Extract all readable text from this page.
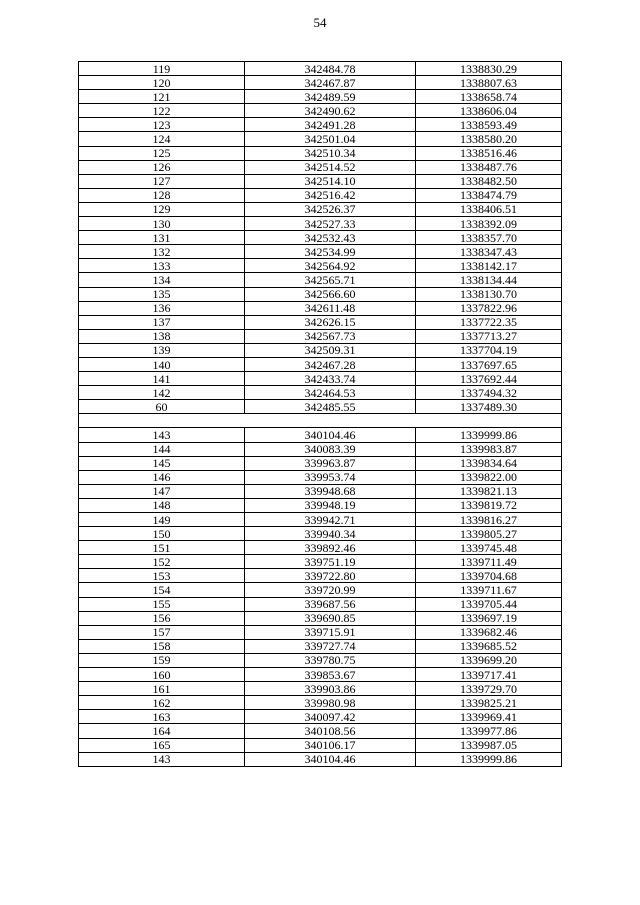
54
119	342484.78	1338830.29
120	342467.87	1338807.63
121	342489.59	1338658.74
122	342490.62	1338606.04
123	342491.28	1338593.49
124	342501.04	1338580.20
125	342510.34	1338516.46
126	342514.52	1338487.76
127	342514.10	1338482.50
128	342516.42	1338474.79
129	342526.37	1338406.51
130	342527.33	1338392.09
131	342532.43	1338357.70
132	342534.99	1338347.43
133	342564.92	1338142.17
134	342565.71	1338134.44
135	342566.60	1338130.70
136	342611.48	1337822.96
137	342626.15	1337722.35
138	342567.73	1337713.27
139	342509.31	1337704.19
140	342467.28	1337697.65
141	342433.74	1337692.44
142	342464.53	1337494.32
60	342485.55	1337489.30

143	340104.46	1339999.86
144	340083.39	1339983.87
145	339963.87	1339834.64
146	339953.74	1339822.00
147	339948.68	1339821.13
148	339948.19	1339819.72
149	339942.71	1339816.27
150	339940.34	1339805.27
151	339892.46	1339745.48
152	339751.19	1339711.49
153	339722.80	1339704.68
154	339720.99	1339711.67
155	339687.56	1339705.44
156	339690.85	1339697.19
157	339715.91	1339682.46
158	339727.74	1339685.52
159	339780.75	1339699.20
160	339853.67	1339717.41
161	339903.86	1339729.70
162	339980.98	1339825.21
163	340097.42	1339969.41
164	340108.56	1339977.86
165	340106.17	1339987.05
143	340104.46	1339999.86
